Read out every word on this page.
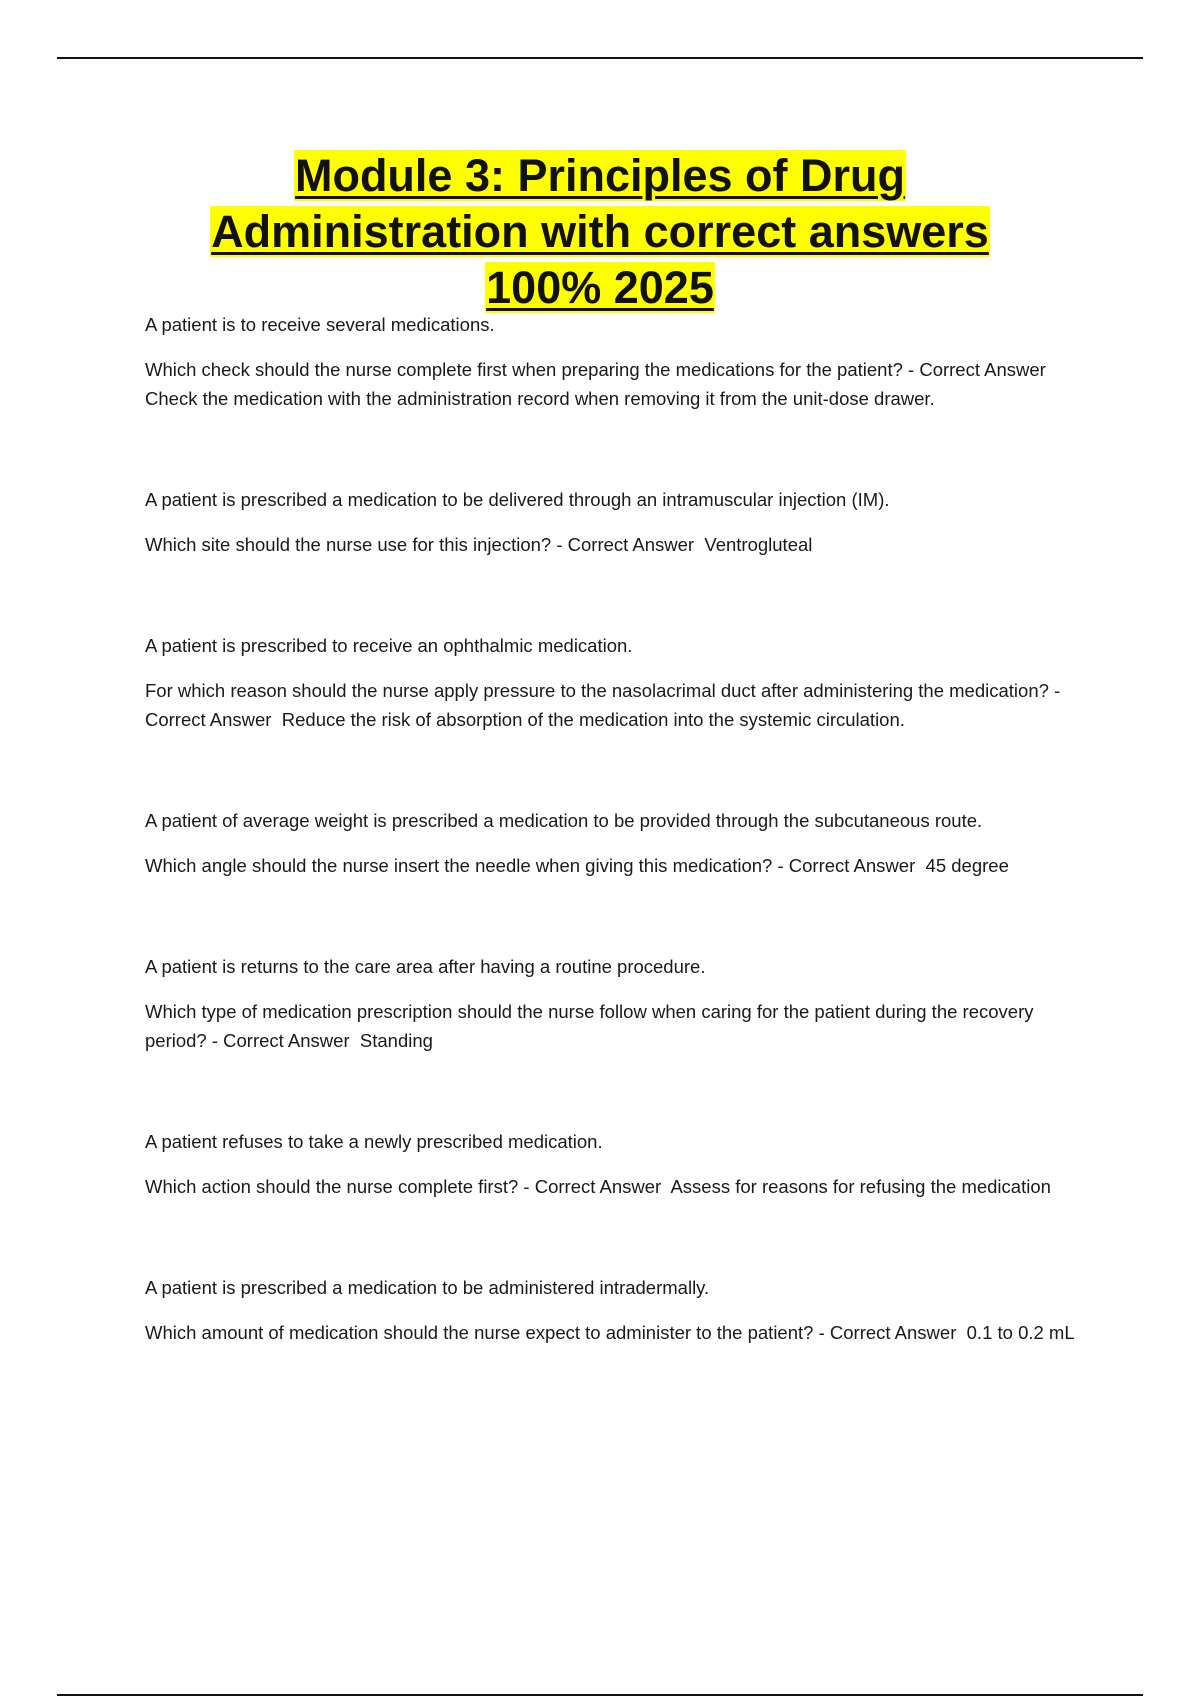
Module 3: Principles of Drug
Administration with correct answers
100% 2025

A patient is to receive several medications.

Which check should the nurse complete first when preparing the medications for the patient? - Correct Answer  Check the medication with the administration record when removing it from the unit-dose drawer.

A patient is prescribed a medication to be delivered through an intramuscular injection (IM).

Which site should the nurse use for this injection? - Correct Answer Ventrogluteal

A patient is prescribed to receive an ophthalmic medication.

For which reason should the nurse apply pressure to the nasolacrimal duct after administering the medication? - Correct Answer Reduce the risk of absorption of the medication into the systemic circulation.

A patient of average weight is prescribed a medication to be provided through the subcutaneous route.

Which angle should the nurse insert the needle when giving this medication? - Correct Answer 45 degree

A patient is returns to the care area after having a routine procedure.

Which type of medication prescription should the nurse follow when caring for the patient during the recovery period? - Correct Answer Standing

A patient refuses to take a newly prescribed medication.

Which action should the nurse complete first? - Correct Answer Assess for reasons for refusing the medication

A patient is prescribed a medication to be administered intradermally.

Which amount of medication should the nurse expect to administer to the patient? - Correct Answer 0.1 to 0.2 mL
